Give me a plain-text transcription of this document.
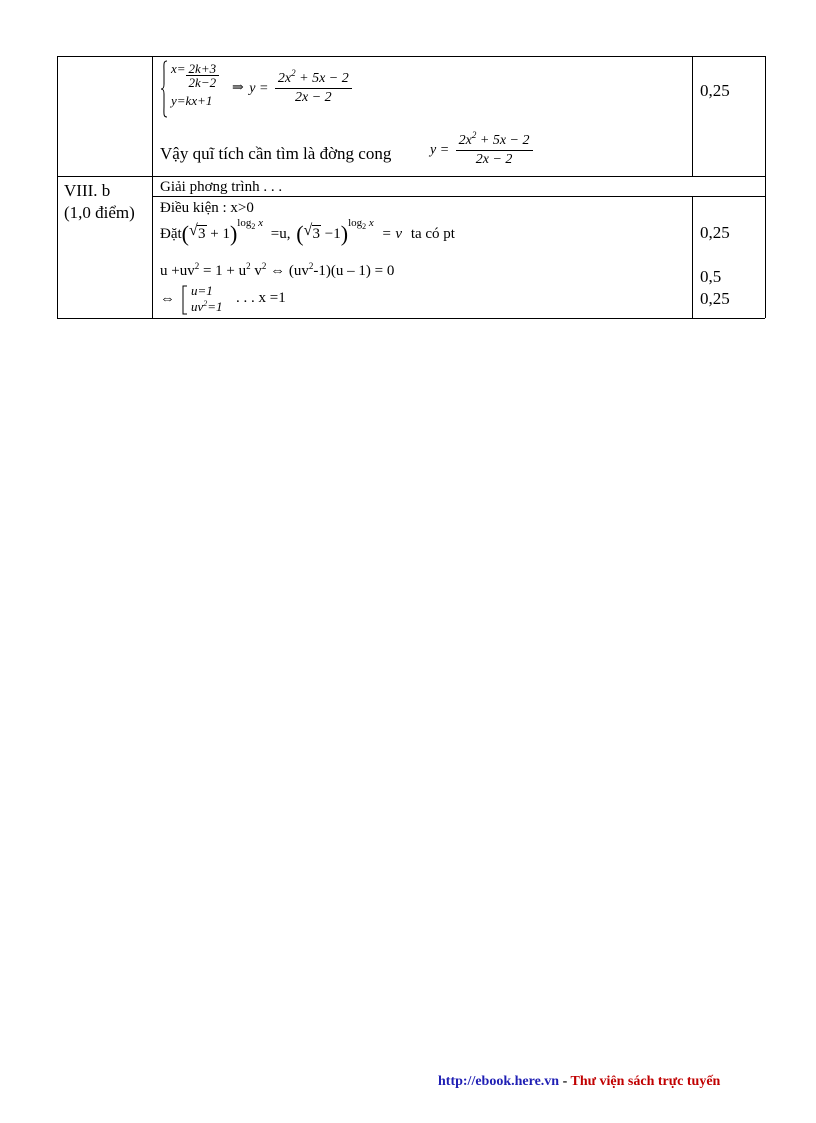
$x= \frac{2k+3}{2k-2}$
y=kx+1
⇒ $y = \frac{2x^2 + 5x - 2}{2x - 2}$	0,25
Vậy quĩ tích cần tìm là đờng cong	$y = \frac{2x^2 + 5x - 2}{2x - 2}$
VIII. b
(1,0 điểm)
Giải phơng trình . . .
Điều kiện : x>0
Đặt( √ 3 + 1)$^{log_2 x}$ =u, ( √ 3 −1)$^{log_2 x}$ = v ta có pt	0,25
$u +uv^2 = 1 + u^2$ $v^2$ ⇔ $(uv^2-1)(u - 1) = 0$	0,5
⇔
u=1
$uv^2=1$
. . . x =1	0,25
http://ebook.here.vn - Thư viện sách trực tuyến
